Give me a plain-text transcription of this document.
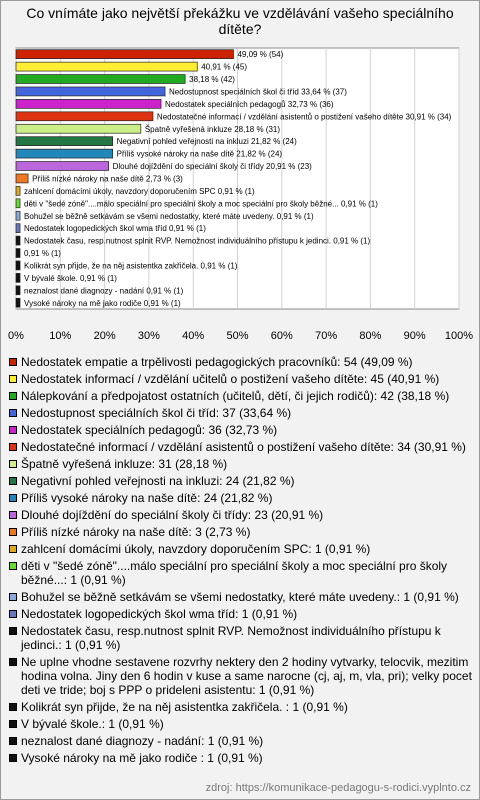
Co vnímáte jako největší překážku ve vzdělávání vašeho speciálního dítěte?
0% 10% 20% 30% 40% 50% 60% 70% 80% 90% 100%
49,09 % (54)
40,91 % (45)
38,18 % (42)
Nedostupnost speciálních škol či tříd 33,64 % (37)
Nedostatek speciálních pedagogů 32,73 % (36)
Nedostatečné informací / vzdělání asistentů o postižení vašeho dítěte 30,91 % (34)
Špatně vyřešená inkluze 28,18 % (31)
Negativní pohled veřejnosti na inkluzi 21,82 % (24)
Příliš vysoké nároky na naše dítě 21,82 % (24)
Dlouhé dojíždění do speciální školy či třídy 20,91 % (23)
Příliš nízké nároky na naše dítě 2,73 % (3)
zahlcení domácími úkoly, navzdory doporučením SPC 0,91 % (1)
děti v "šedé zóně"....málo speciální pro speciální školy a moc speciální pro školy běžné... 0,91 % (1)
Bohužel se běžně setkávám se všemi nedostatky, které máte uvedeny. 0,91 % (1)
Nedostatek logopedických škol wma tříd 0,91 % (1)
Nedostatek času, resp.nutnost splnit RVP. Nemožnost individuálního přístupu k jedinci. 0,91 % (1)
0,91 % (1)
Kolikrát syn přijde, že na něj asistentka zakřičela. 0,91 % (1)
V bývalé škole. 0,91 % (1)
neznalost dané diagnozy - nadání 0,91 % (1)
Vysoké nároky na mě jako rodiče 0,91 % (1)
Nedostatek empatie a trpělivosti pedagogických pracovníků: 54 (49,09 %)
Nedostatek informací / vzdělání učitelů o postižení vašeho dítěte: 45 (40,91 %)
Nálepkování a předpojatost ostatních (učitelů, dětí, či jejich rodičů): 42 (38,18 %)
Nedostupnost speciálních škol či tříd: 37 (33,64 %)
Nedostatek speciálních pedagogů: 36 (32,73 %)
Nedostatečné informací / vzdělání asistentů o postižení vašeho dítěte: 34 (30,91 %)
Špatně vyřešená inkluze: 31 (28,18 %)
Negativní pohled veřejnosti na inkluzi: 24 (21,82 %)
Příliš vysoké nároky na naše dítě: 24 (21,82 %)
Dlouhé dojíždění do speciální školy či třídy: 23 (20,91 %)
Příliš nízké nároky na naše dítě: 3 (2,73 %)
zahlcení domácími úkoly, navzdory doporučením SPC: 1 (0,91 %)
děti v "šedé zóně"....málo speciální pro speciální školy a moc speciální pro školy běžné...: 1 (0,91 %)
Bohužel se běžně setkávám se všemi nedostatky, které máte uvedeny.: 1 (0,91 %)
Nedostatek logopedických škol wma tříd: 1 (0,91 %)
Nedostatek času, resp.nutnost splnit RVP. Nemožnost individuálního přístupu k jedinci.: 1 (0,91 %)
Ne uplne vhodne sestavene rozvrhy nektery den 2 hodiny vytvarky, telocvik, mezitim hodina volna. Jiny den 6 hodin v kuse a same narocne (cj, aj, m, vla, pri); velky pocet deti ve tride; boj s PPP o prideleni asistentu: 1 (0,91 %)
Kolikrát syn přijde, že na něj asistentka zakřičela. : 1 (0,91 %)
V bývalé škole.: 1 (0,91 %)
neznalost dané diagnozy - nadání: 1 (0,91 %)
Vysoké nároky na mě jako rodiče : 1 (0,91 %)
zdroj: https://komunikace-pedagogu-s-rodici.vyplnto.cz
